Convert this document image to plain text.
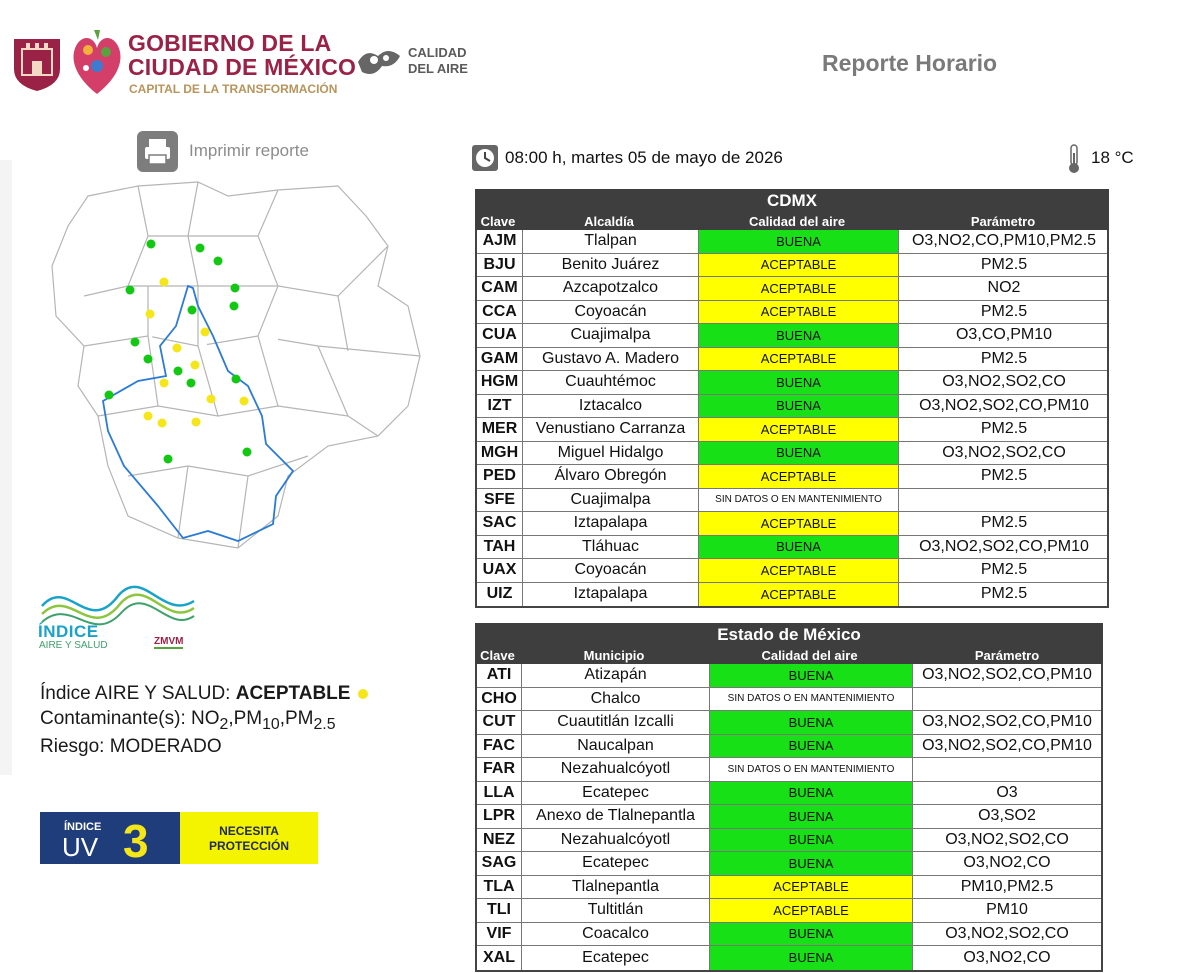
GOBIERNO DE LA
CIUDAD DE MÉXICO
CAPITAL DE LA TRANSFORMACIÓN
CALIDAD
DEL AIRE	Reporte Horario
Imprimir reporte
ÍNDICE
AIRE Y SALUD	ZMVM
Índice AIRE Y SALUD: ACEPTABLE
Contaminante(s): $NO_2,PM_{10},PM_{2.5}$
Riesgo: MODERADO
ÍNDICE
UV 3	NECESITA
PROTECCIÓN
08:00 h, martes 05 de mayo de 2026	18 °C
CDMX
Clave	Alcaldía	Calidad del aire	Parámetro
AJM	Tlalpan	BUENA	O3,NO2,CO,PM10,PM2.5
BJU	Benito Juárez	ACEPTABLE	PM2.5
CAM	Azcapotzalco	ACEPTABLE	NO2
CCA	Coyoacán	ACEPTABLE	PM2.5
CUA	Cuajimalpa	BUENA	O3,CO,PM10
GAM	Gustavo A. Madero	ACEPTABLE	PM2.5
HGM	Cuauhtémoc	BUENA	O3,NO2,SO2,CO
IZT	Iztacalco	BUENA	O3,NO2,SO2,CO,PM10
MER	Venustiano Carranza	ACEPTABLE	PM2.5
MGH	Miguel Hidalgo	BUENA	O3,NO2,SO2,CO
PED	Álvaro Obregón	ACEPTABLE	PM2.5
SFE	Cuajimalpa	SIN DATOS O EN MANTENIMIENTO
SAC	Iztapalapa	ACEPTABLE	PM2.5
TAH	Tláhuac	BUENA	O3,NO2,SO2,CO,PM10
UAX	Coyoacán	ACEPTABLE	PM2.5
UIZ	Iztapalapa	ACEPTABLE	PM2.5
Estado de México
Clave	Municipio	Calidad del aire	Parámetro
ATI	Atizapán	BUENA	O3,NO2,SO2,CO,PM10
CHO	Chalco	SIN DATOS O EN MANTENIMIENTO
CUT	Cuautitlán Izcalli	BUENA	O3,NO2,SO2,CO,PM10
FAC	Naucalpan	BUENA	O3,NO2,SO2,CO,PM10
FAR	Nezahualcóyotl	SIN DATOS O EN MANTENIMIENTO
LLA	Ecatepec	BUENA	O3
LPR	Anexo de Tlalnepantla	BUENA	O3,SO2
NEZ	Nezahualcóyotl	BUENA	O3,NO2,SO2,CO
SAG	Ecatepec	BUENA	O3,NO2,CO
TLA	Tlalnepantla	ACEPTABLE	PM10,PM2.5
TLI	Tultitlán	ACEPTABLE	PM10
VIF	Coacalco	BUENA	O3,NO2,SO2,CO
XAL	Ecatepec	BUENA	O3,NO2,CO
